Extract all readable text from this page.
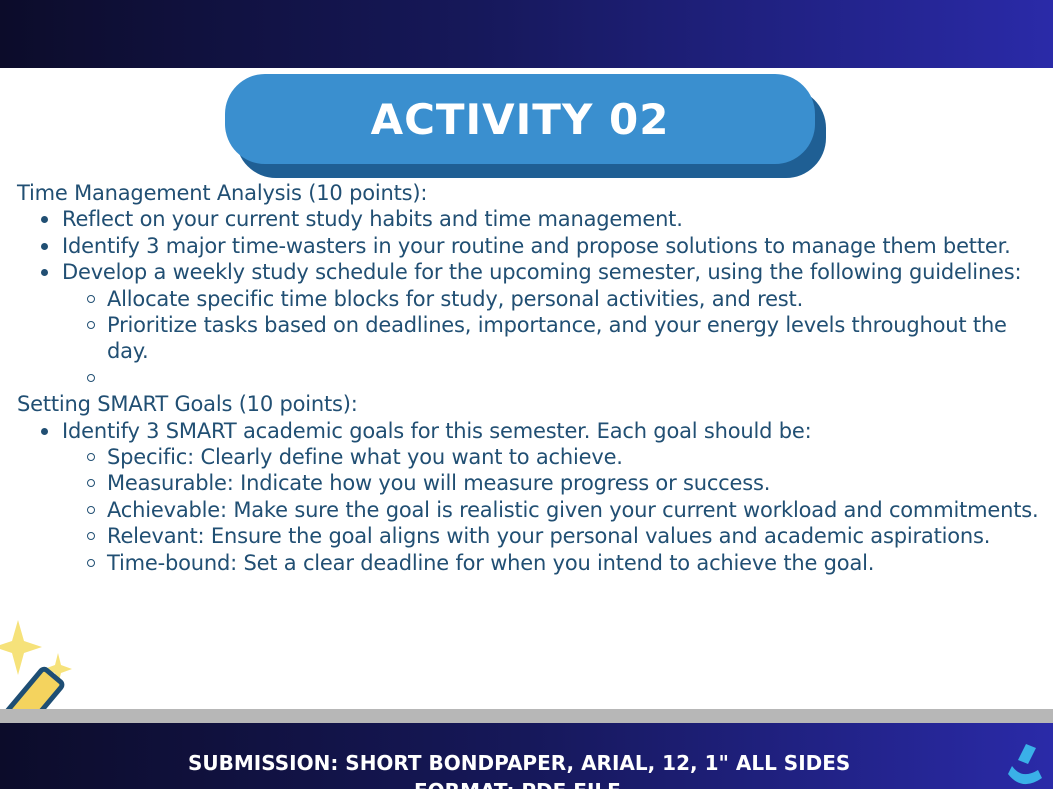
ACTIVITY 02

Time Management Analysis (10 points):

Reflect on your current study habits and time management.
Identify 3 major time-wasters in your routine and propose solutions to manage them better.
Develop a weekly study schedule for the upcoming semester, using the following guidelines:
Allocate specific time blocks for study, personal activities, and rest.
Prioritize tasks based on deadlines, importance, and your energy levels throughout the day.

Setting SMART Goals (10 points):

Identify 3 SMART academic goals for this semester. Each goal should be:
Specific: Clearly define what you want to achieve.
Measurable: Indicate how you will measure progress or success.
Achievable: Make sure the goal is realistic given your current workload and commitments.
Relevant: Ensure the goal aligns with your personal values and academic aspirations.
Time-bound: Set a clear deadline for when you intend to achieve the goal.
SUBMISSION: SHORT BONDPAPER, ARIAL, 12, 1" ALL SIDES
FORMAT: PDF FILE
